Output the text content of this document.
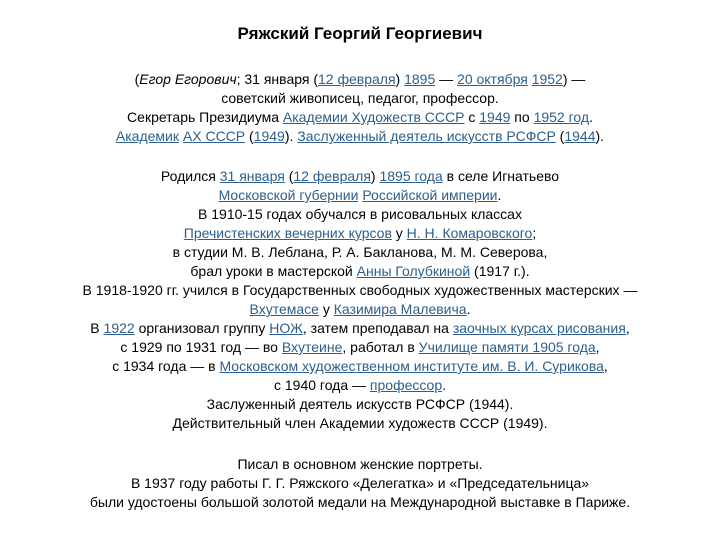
Ряжский Георгий Георгиевич
(Егор Егорович; 31 января (12 февраля) 1895 — 20 октября 1952) —
советский живописец, педагог, профессор.
Секретарь Президиума Академии Художеств СССР с 1949 по 1952 год.
Академик АХ СССР (1949). Заслуженный деятель искусств РСФСР (1944).
Родился 31 января (12 февраля) 1895 года в селе Игнатьево
Московской губернии Российской империи.
В 1910-15 годах обучался в рисовальных классах
Пречистенских вечерних курсов у Н. Н. Комаровского;
в студии М. В. Леблана, Р. А. Бакланова, М. М. Северова,
брал уроки в мастерской Анны Голубкиной (1917 г.).
В 1918-1920 гг. учился в Государственных свободных художественных мастерских —
Вхутемасе у Казимира Малевича.
В 1922 организовал группу НОЖ, затем преподавал на заочных курсах рисования,
с 1929 по 1931 год — во Вхутеине, работал в Училище памяти 1905 года,
с 1934 года — в Московском художественном институте им. В. И. Сурикова,
с 1940 года — профессор.
Заслуженный деятель искусств РСФСР (1944).
Действительный член Академии художеств СССР (1949).
Писал в основном женские портреты.
В 1937 году работы Г. Г. Ряжского «Делегатка» и «Председательница»
были удостоены большой золотой медали на Международной выставке в Париже.
